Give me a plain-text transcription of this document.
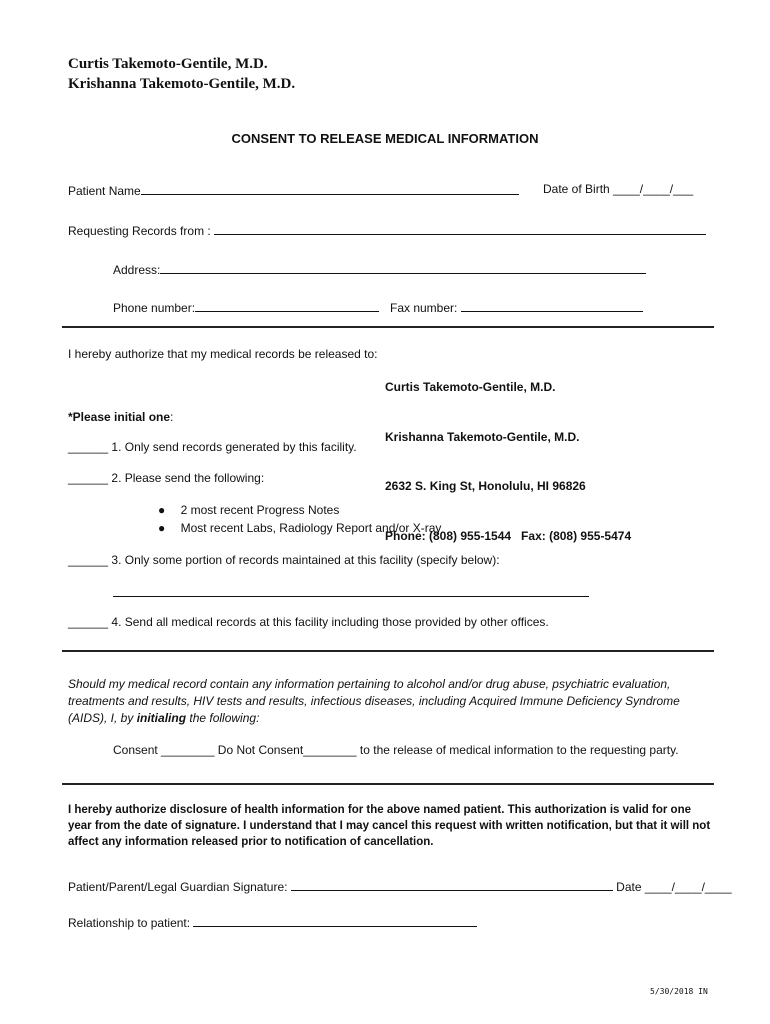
Curtis Takemoto-Gentile, M.D.
Krishanna Takemoto-Gentile, M.D.
CONSENT TO RELEASE MEDICAL INFORMATION
Patient Name	Date of Birth ____/____/___
Requesting Records from :
Address:
Phone number:	Fax number:
I hereby authorize that my medical records be released to:

Curtis Takemoto-Gentile, M.D.

Krishanna Takemoto-Gentile, M.D.

2632 S. King St, Honolulu, HI 96826

Phone: (808) 955-1544   Fax: (808) 955-5474

*Please initial one:
______ 1. Only send records generated by this facility.
______ 2. Please send the following:
● 2 most recent Progress Notes
● Most recent Labs, Radiology Report and/or X-ray
______ 3. Only some portion of records maintained at this facility (specify below):
______ 4. Send all medical records at this facility including those provided by other offices.
Should my medical record contain any information pertaining to alcohol and/or drug abuse, psychiatric evaluation, treatments and results, HIV tests and results, infectious diseases, including Acquired Immune Deficiency Syndrome (AIDS), I, by initialing the following:
Consent ________ Do Not Consent________ to the release of medical information to the requesting party.
I hereby authorize disclosure of health information for the above named patient. This authorization is valid for one year from the date of signature. I understand that I may cancel this request with written notification, but that it will not affect any information released prior to notification of cancellation.
Patient/Parent/Legal Guardian Signature:	Date ____/____/____
Relationship to patient:
5/30/2018 IN
